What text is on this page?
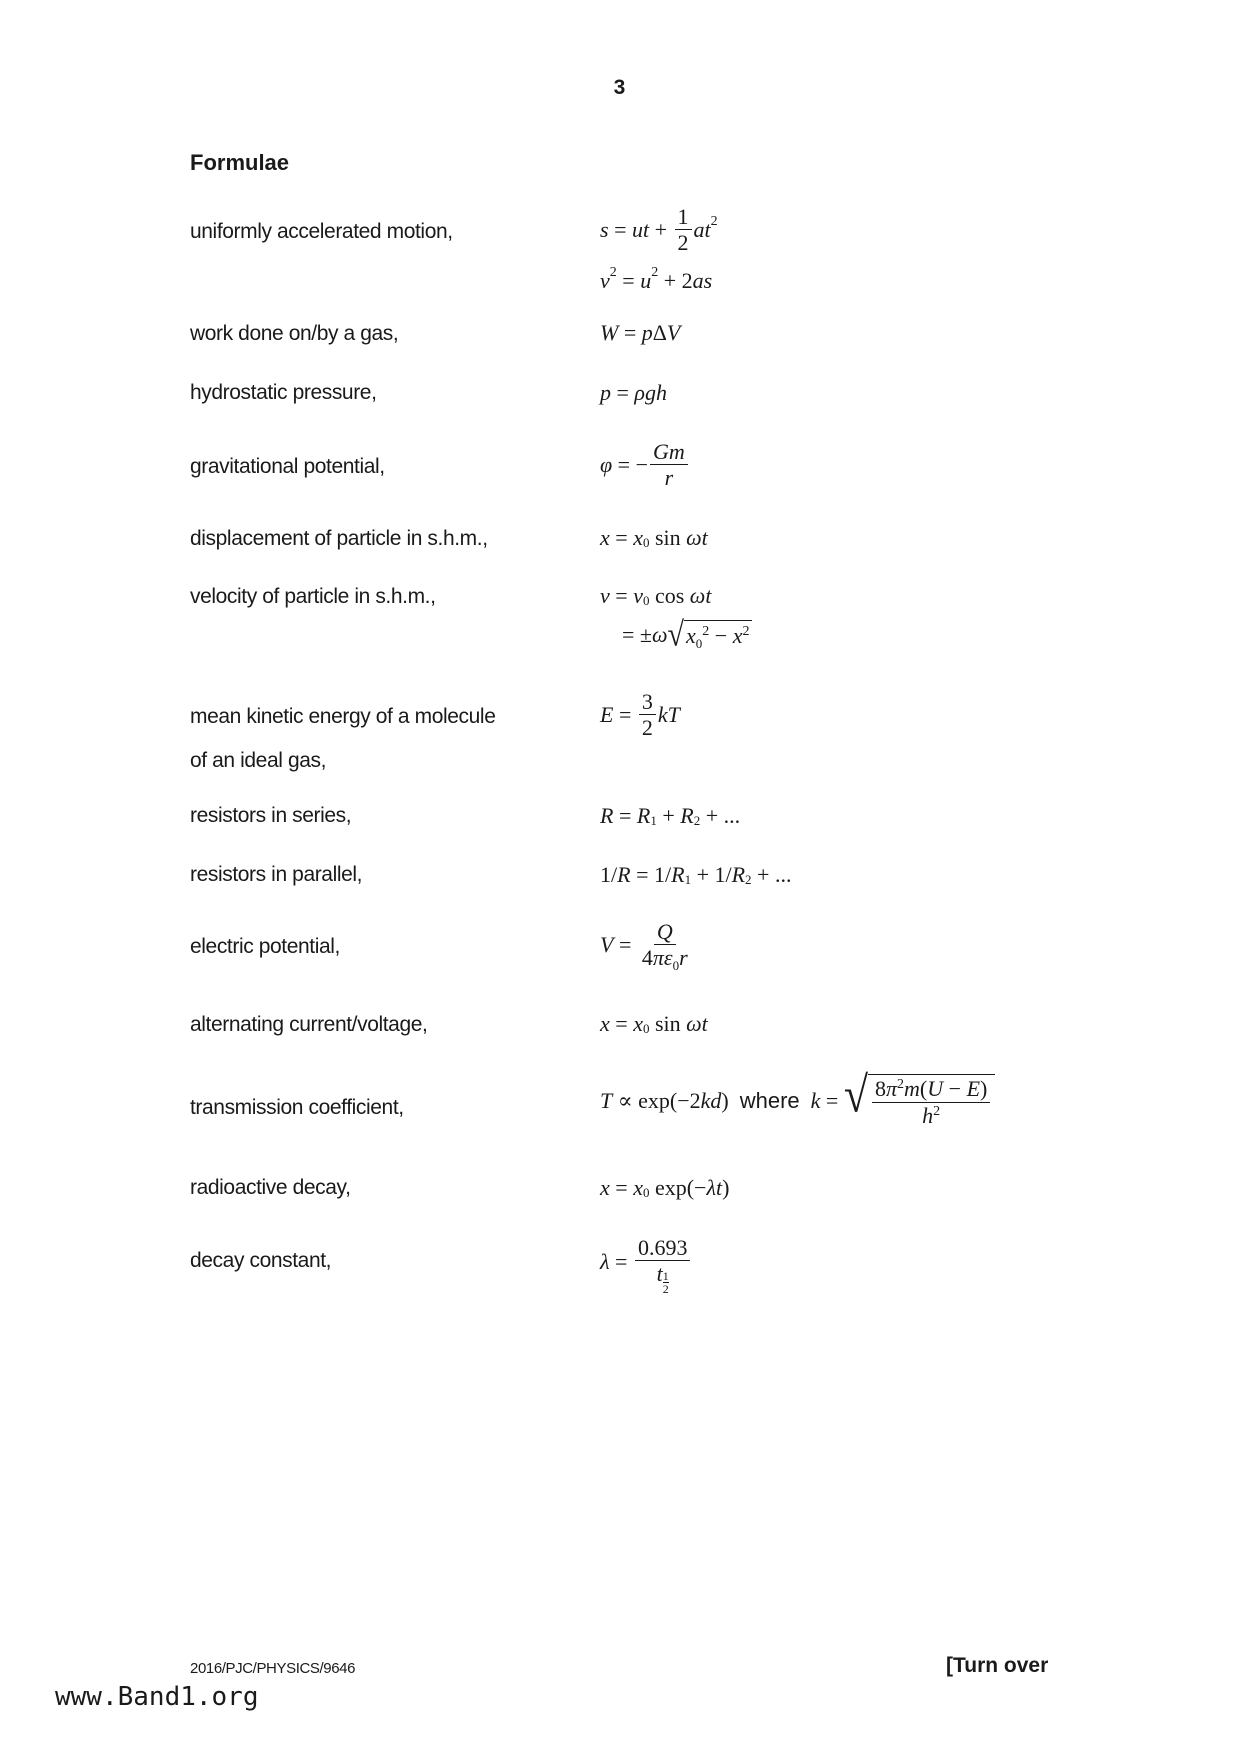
3
Formulae
uniformly accelerated motion,
work done on/by a gas,
hydrostatic pressure,
gravitational potential,
displacement of particle in s.h.m.,
velocity of particle in s.h.m.,
mean kinetic energy of a molecule
of an ideal gas,
resistors in series,
resistors in parallel,
electric potential,
alternating current/voltage,
transmission coefficient,
radioactive decay,
decay constant,
s = ut + $\frac{1}{2} at^2$
$v^2 = u^2 + 2$ as
W = p Δ V
p = ρgh
φ = − $\frac{Gm}{r}$
$x = x_0$ sin ωt
$v = v_0$ cos ωt
= ± ω √ $x_0^2 - x^2$
$E = \frac{3}{2}$ kT
$R = R_1 + R_2$ + ...
1/ R = 1/ $R_1 + 1/$ $R_2$ + ...
$V = \frac{Q}{4\pi\varepsilon_0r}$
$x = x_0$ sin ωt
T ∝ exp(−2 kd ) where
k = √ $\frac{8\pi^2m(U - E)}{h^2}$
$x = x_0$ exp(− λt )
$\lambda = \frac{0.693}{t \frac{1}{2}}$
2016/PJC/PHYSICS/9646	[Turn over
www.Band1.org
